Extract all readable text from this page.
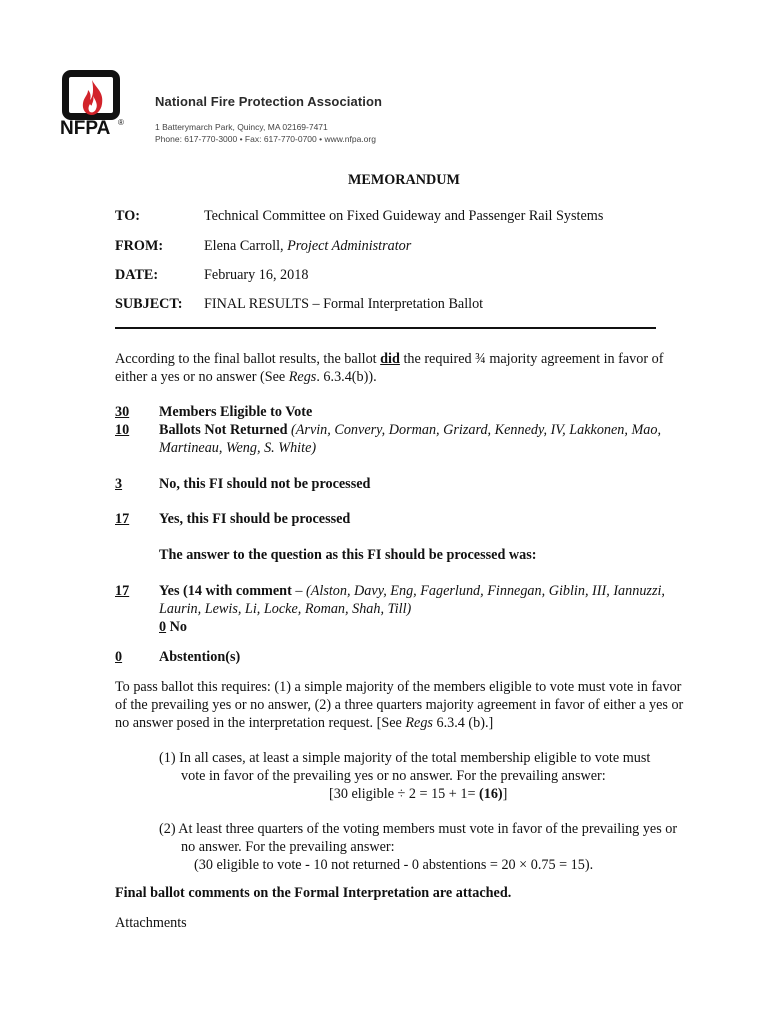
NFPA ®
National Fire Protection Association
1 Batterymarch Park, Quincy, MA 02169-7471
Phone: 617-770-3000 • Fax: 617-770-0700 • www.nfpa.org
MEMORANDUM
TO:	Technical Committee on Fixed Guideway and Passenger Rail Systems
FROM:	Elena Carroll, Project Administrator
DATE:	February 16, 2018
SUBJECT: FINAL RESULTS – Formal Interpretation Ballot
According to the final ballot results, the ballot did the required ¾ majority agreement in favor of
either a yes or no answer (See Regs. 6.3.4(b)).
30 Members Eligible to Vote
10 Ballots Not Returned (Arvin, Convery, Dorman, Grizard, Kennedy, IV, Lakkonen, Mao,
Martineau, Weng, S. White)
3	No, this FI should not be processed
17 Yes, this FI should be processed
The answer to the question as this FI should be processed was:
17 Yes (14 with comment – (Alston, Davy, Eng, Fagerlund, Finnegan, Giblin, III, Iannuzzi,
Laurin, Lewis, Li, Locke, Roman, Shah, Till)
0 No
0	Abstention(s)
To pass ballot this requires: (1) a simple majority of the members eligible to vote must vote in favor
of the prevailing yes or no answer, (2) a three quarters majority agreement in favor of either a yes or
no answer posed in the interpretation request. [See Regs 6.3.4 (b).]
(1) In all cases, at least a simple majority of the total membership eligible to vote must
vote in favor of the prevailing yes or no answer. For the prevailing answer:
[30 eligible ÷ 2 = 15 + 1= (16)]
(2) At least three quarters of the voting members must vote in favor of the prevailing yes or
no answer. For the prevailing answer:
(30 eligible to vote - 10 not returned - 0 abstentions = 20 × 0.75 = 15).
Final ballot comments on the Formal Interpretation are attached.
Attachments
